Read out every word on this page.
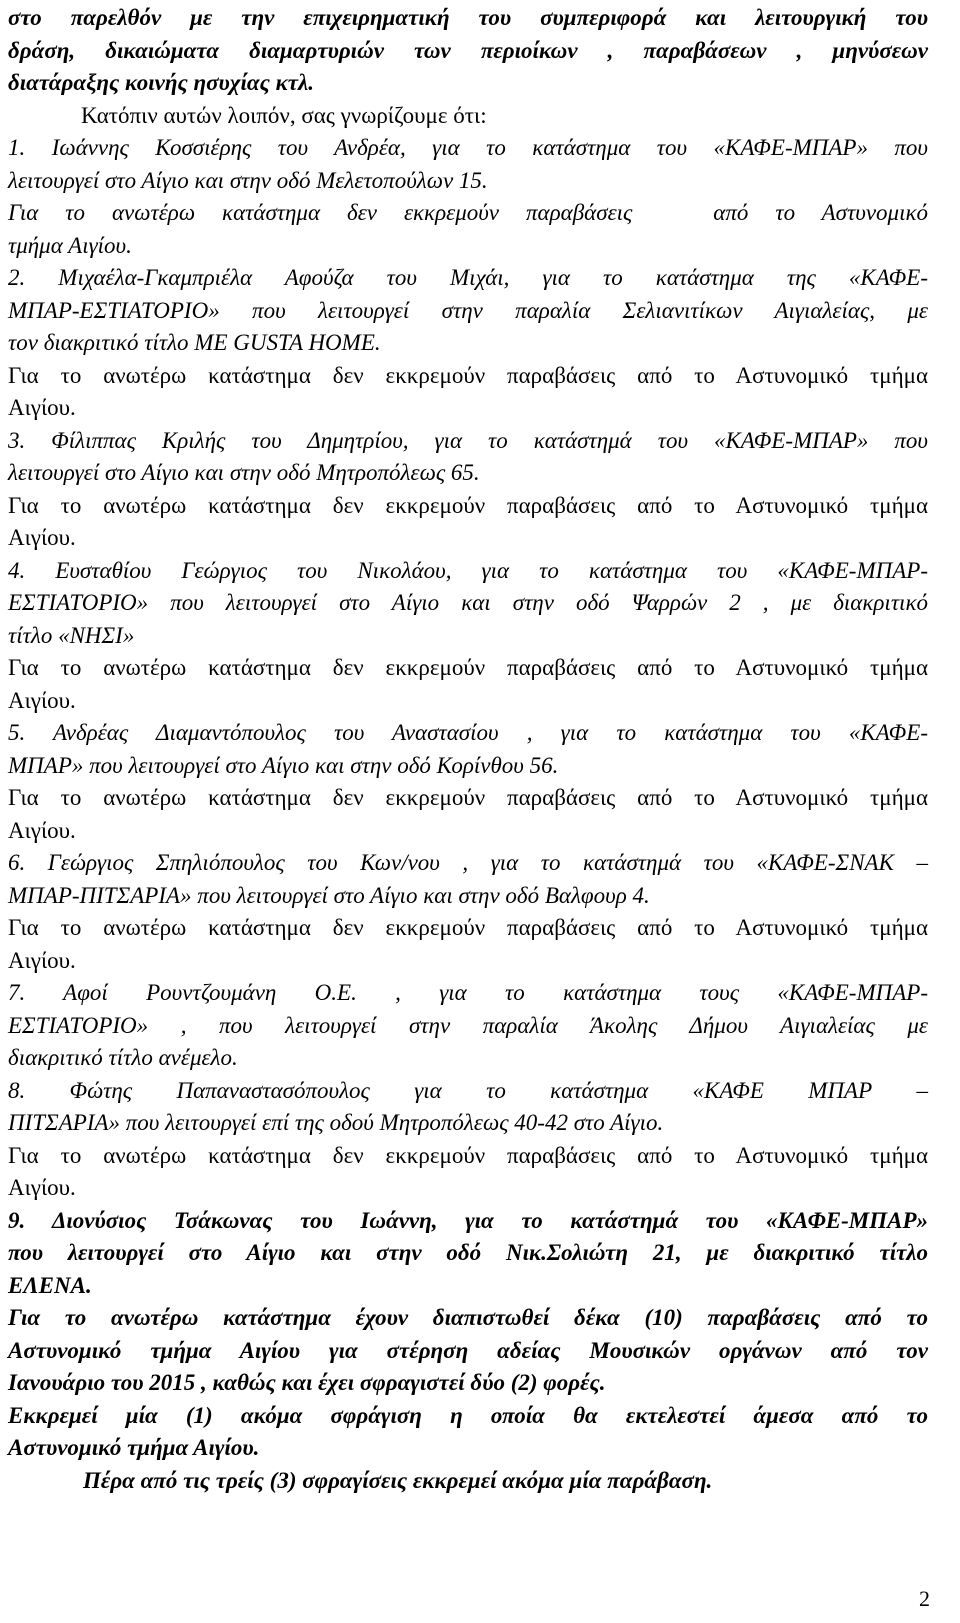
στο παρελθόν με την επιχειρηματική του συμπεριφορά και λειτουργική του
δράση, δικαιώματα διαμαρτυριών των περιοίκων , παραβάσεων , μηνύσεων
διατάραξης κοινής ησυχίας κτλ.
Κατόπιν αυτών λοιπόν, σας γνωρίζουμε ότι:
1. Ιωάννης Κοσσιέρης του Ανδρέα, για το κατάστημα του «ΚΑΦΕ-ΜΠΑΡ» που
λειτουργεί στο Αίγιο και στην οδό Μελετοπούλων 15.
Για το ανωτέρω κατάστημα δεν εκκρεμούν παραβάσεις   από το Αστυνομικό
τμήμα Αιγίου.
2. Μιχαέλα-Γκαμπριέλα Αφούζα του Μιχάι, για το κατάστημα της «ΚΑΦΕ-
ΜΠΑΡ-ΕΣΤΙΑΤΟΡΙΟ» που λειτουργεί στην παραλία Σελιανιτίκων Αιγιαλείας, με
τον διακριτικό τίτλο ME GUSTA HOME.
Για το ανωτέρω κατάστημα δεν εκκρεμούν παραβάσεις από το Αστυνομικό τμήμα
Αιγίου.
3. Φίλιππας Κριλής του Δημητρίου, για το κατάστημά του «ΚΑΦΕ-ΜΠΑΡ» που
λειτουργεί στο Αίγιο και στην οδό Μητροπόλεως 65.
Για το ανωτέρω κατάστημα δεν εκκρεμούν παραβάσεις από το Αστυνομικό τμήμα
Αιγίου.
4. Ευσταθίου Γεώργιος του Νικολάου, για το κατάστημα του «ΚΑΦΕ-ΜΠΑΡ-
ΕΣΤΙΑΤΟΡΙΟ» που λειτουργεί στο Αίγιο και στην οδό Ψαρρών 2 , με διακριτικό
τίτλο «ΝΗΣΙ»
Για το ανωτέρω κατάστημα δεν εκκρεμούν παραβάσεις από το Αστυνομικό τμήμα
Αιγίου.
5. Ανδρέας Διαμαντόπουλος του Αναστασίου , για το κατάστημα του «ΚΑΦΕ-
ΜΠΑΡ» που λειτουργεί στο Αίγιο και στην οδό Κορίνθου 56.
Για το ανωτέρω κατάστημα δεν εκκρεμούν παραβάσεις από το Αστυνομικό τμήμα
Αιγίου.
6. Γεώργιος Σπηλιόπουλος του Κων/νου , για το κατάστημά του «ΚΑΦΕ-ΣΝΑΚ –
ΜΠΑΡ-ΠΙΤΣΑΡΙΑ» που λειτουργεί στο Αίγιο και στην οδό Βαλφουρ 4.
Για το ανωτέρω κατάστημα δεν εκκρεμούν παραβάσεις από το Αστυνομικό τμήμα
Αιγίου.
7. Αφοί Ρουντζουμάνη Ο.Ε. , για το κατάστημα τους «ΚΑΦΕ-ΜΠΑΡ-
ΕΣΤΙΑΤΟΡΙΟ» , που λειτουργεί στην παραλία Άκολης Δήμου Αιγιαλείας με
διακριτικό τίτλο ανέμελο.
8. Φώτης Παπαναστασόπουλος για το κατάστημα «ΚΑΦΕ ΜΠΑΡ –
ΠΙΤΣΑΡΙΑ» που λειτουργεί επί της οδού Μητροπόλεως 40-42 στο Αίγιο.
Για το ανωτέρω κατάστημα δεν εκκρεμούν παραβάσεις από το Αστυνομικό τμήμα
Αιγίου.
9. Διονύσιος Τσάκωνας του Ιωάννη, για το κατάστημά του «ΚΑΦΕ-ΜΠΑΡ»
που λειτουργεί στο Αίγιο και στην οδό Νικ.Σολιώτη 21, με διακριτικό τίτλο
ΕΛΕΝΑ.
Για το ανωτέρω κατάστημα έχουν διαπιστωθεί δέκα (10) παραβάσεις από το
Αστυνομικό τμήμα Αιγίου για στέρηση αδείας Μουσικών οργάνων από τον
Ιανουάριο του 2015 , καθώς και έχει σφραγιστεί δύο (2) φορές.
Εκκρεμεί μία (1) ακόμα σφράγιση η οποία θα εκτελεστεί άμεσα από το
Αστυνομικό τμήμα Αιγίου.
Πέρα από τις τρείς (3) σφραγίσεις εκκρεμεί ακόμα μία παράβαση.
2
